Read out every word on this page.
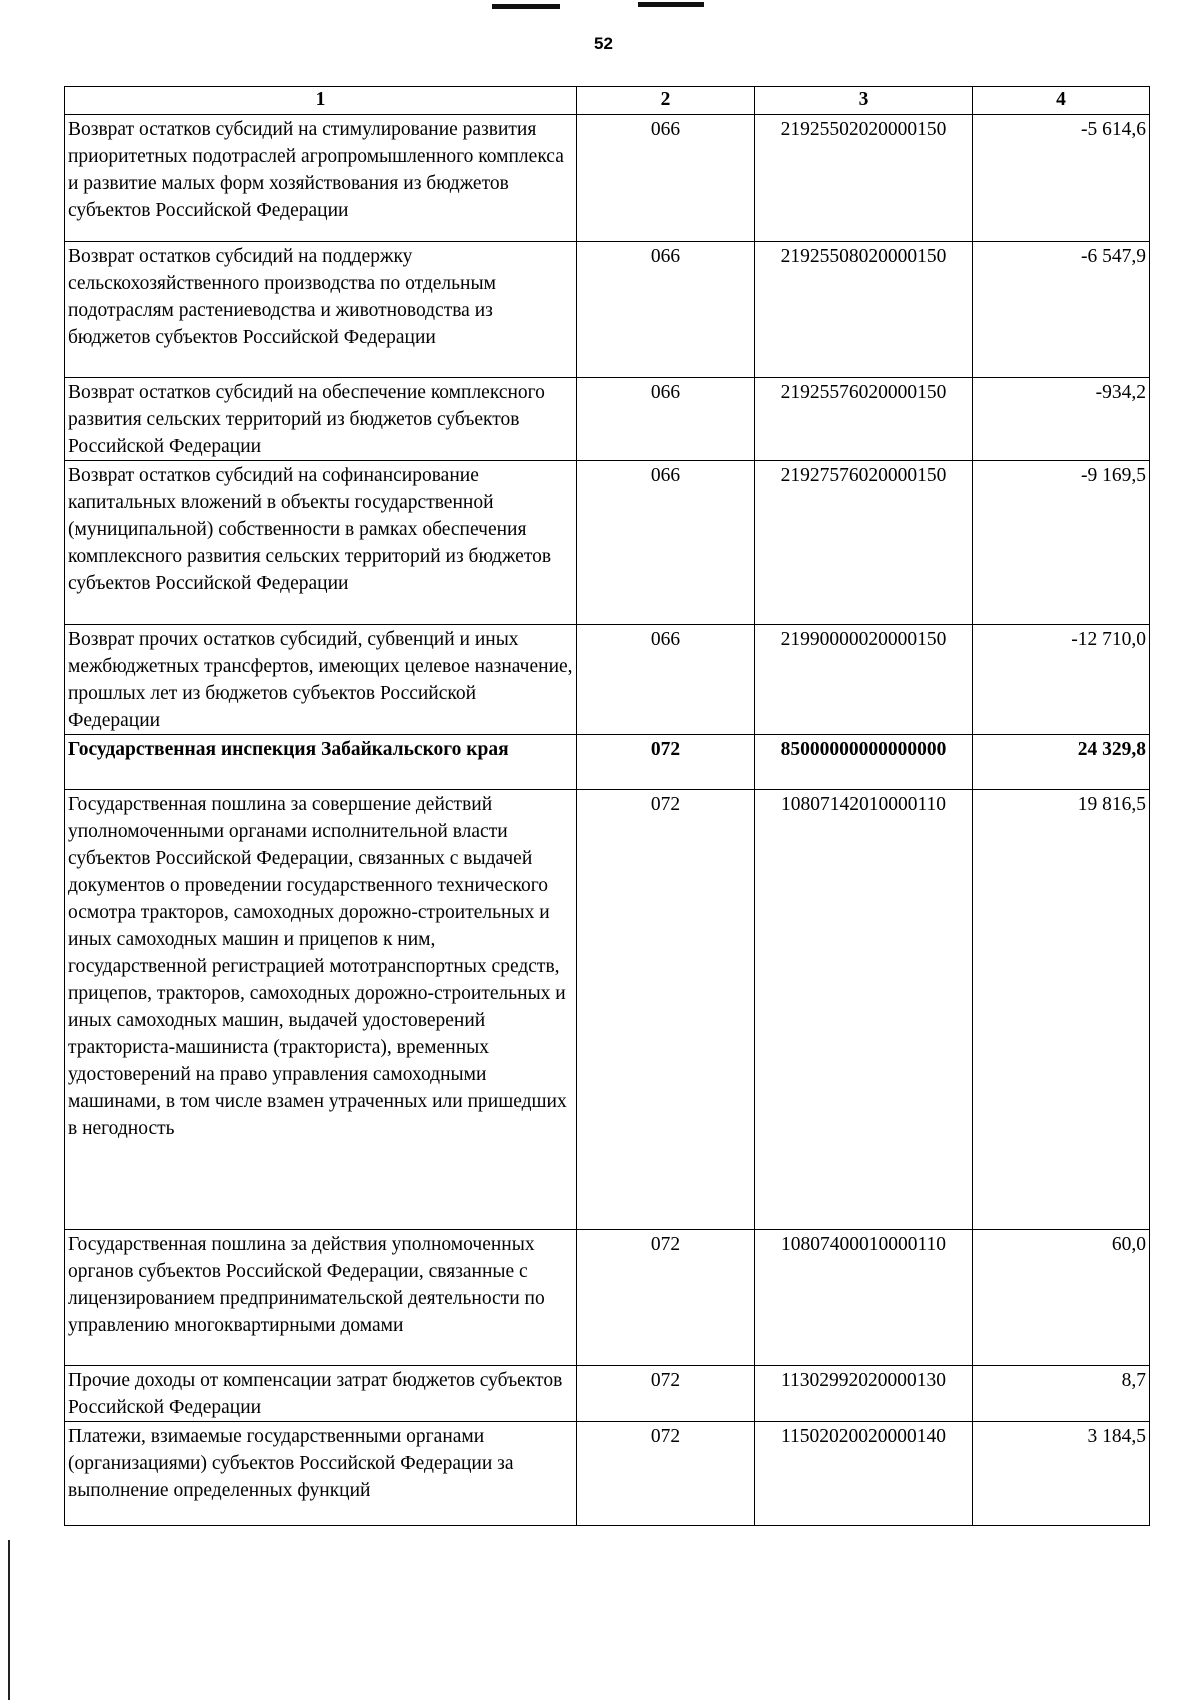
52
1	2	3	4
Возврат остатков субсидий на стимулирование развития приоритетных подотраслей агропромышленного комплекса и развитие малых форм хозяйствования из бюджетов субъектов Российской Федерации	066	21925502020000150	-5 614,6
Возврат остатков субсидий на поддержку сельскохозяйственного производства по отдельным подотраслям растениеводства и животноводства из бюджетов субъектов Российской Федерации	066	21925508020000150	-6 547,9
Возврат остатков субсидий на обеспечение комплексного развития сельских территорий из бюджетов субъектов Российской Федерации	066	21925576020000150	-934,2
Возврат остатков субсидий на софинансирование капитальных вложений в объекты государственной (муниципальной) собственности в рамках обеспечения комплексного развития сельских территорий из бюджетов субъектов Российской Федерации	066	21927576020000150	-9 169,5
Возврат прочих остатков субсидий, субвенций и иных межбюджетных трансфертов, имеющих целевое назначение, прошлых лет из бюджетов субъектов Российской Федерации	066	21990000020000150	-12 710,0
Государственная инспекция Забайкальского края	072	85000000000000000	24 329,8
Государственная пошлина за совершение действий уполномоченными органами исполнительной власти субъектов Российской Федерации, связанных с выдачей документов о проведении государственного технического осмотра тракторов, самоходных дорожно-строительных и иных самоходных машин и прицепов к ним, государственной регистрацией мототранспортных средств, прицепов, тракторов, самоходных дорожно-строительных и иных самоходных машин, выдачей удостоверений тракториста-машиниста (тракториста), временных удостоверений на право управления самоходными машинами, в том числе взамен утраченных или пришедших в негодность	072	10807142010000110	19 816,5
Государственная пошлина за действия уполномоченных органов субъектов Российской Федерации, связанные с лицензированием предпринимательской деятельности по управлению многоквартирными домами	072	10807400010000110	60,0
Прочие доходы от компенсации затрат бюджетов субъектов Российской Федерации	072	11302992020000130	8,7
Платежи, взимаемые государственными органами (организациями) субъектов Российской Федерации за выполнение определенных функций	072	11502020020000140	3 184,5
